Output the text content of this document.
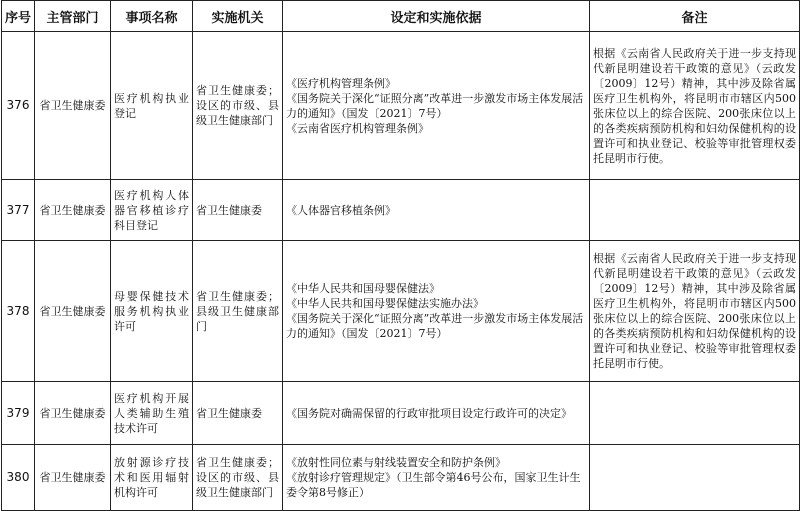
序号	主管部门	事项名称	实施机关	设定和实施依据	备注
376	省卫生健康委	医疗机构执业登记	省卫生健康委；设区的市级、县级卫生健康部门	《医疗机构管理条例》
《国务院关于深化“证照分离”改革进一步激发市场主体发展活力的通知》（国发〔2021〕7号）
《云南省医疗机构管理条例》	根据《云南省人民政府关于进一步支持现代新昆明建设若干政策的意见》（云政发〔2009〕12号）精神，其中涉及除省属医疗卫生机构外，将昆明市市辖区内500张床位以上的综合医院、200张床位以上的各类疾病预防机构和妇幼保健机构的设置许可和执业登记、校验等审批管理权委托昆明市行使。
377	省卫生健康委	医疗机构人体器官移植诊疗科目登记	省卫生健康委	《人体器官移植条例》	

378	省卫生健康委	母婴保健技术服务机构执业许可	省卫生健康委；县级卫生健康部门	《中华人民共和国母婴保健法》
《中华人民共和国母婴保健法实施办法》
《国务院关于深化“证照分离”改革进一步激发市场主体发展活力的通知》（国发〔2021〕7号）	根据《云南省人民政府关于进一步支持现代新昆明建设若干政策的意见》（云政发〔2009〕12号）精神，其中涉及除省属医疗卫生机构外，将昆明市市辖区内500张床位以上的综合医院、200张床位以上的各类疾病预防机构和妇幼保健机构的设置许可和执业登记、校验等审批管理权委托昆明市行使。
379	省卫生健康委	医疗机构开展人类辅助生殖技术许可	省卫生健康委	《国务院对确需保留的行政审批项目设定行政许可的决定》	

380	省卫生健康委	放射源诊疗技术和医用辐射机构许可	省卫生健康委；设区的市级、县级卫生健康部门	《放射性同位素与射线装置安全和防护条例》
《放射诊疗管理规定》（卫生部令第46号公布，国家卫生计生委令第8号修正）	
